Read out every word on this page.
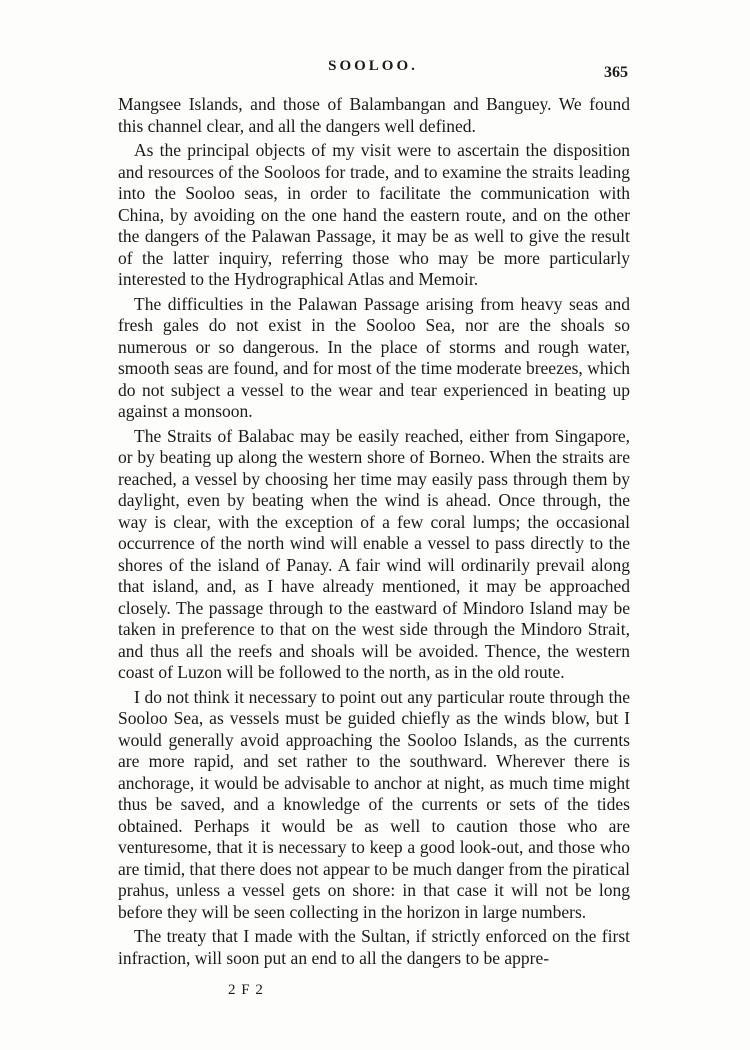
SOOLOO.	365

Mangsee Islands, and those of Balambangan and Banguey. We found this channel clear, and all the dangers well defined.

As the principal objects of my visit were to ascertain the disposition and resources of the Sooloos for trade, and to examine the straits leading into the Sooloo seas, in order to facilitate the communication with China, by avoiding on the one hand the eastern route, and on the other the dangers of the Palawan Passage, it may be as well to give the result of the latter inquiry, referring those who may be more particularly interested to the Hydrographical Atlas and Memoir.

The difficulties in the Palawan Passage arising from heavy seas and fresh gales do not exist in the Sooloo Sea, nor are the shoals so numerous or so dangerous. In the place of storms and rough water, smooth seas are found, and for most of the time moderate breezes, which do not subject a vessel to the wear and tear experienced in beating up against a monsoon.

The Straits of Balabac may be easily reached, either from Singapore, or by beating up along the western shore of Borneo. When the straits are reached, a vessel by choosing her time may easily pass through them by daylight, even by beating when the wind is ahead. Once through, the way is clear, with the exception of a few coral lumps; the occasional occurrence of the north wind will enable a vessel to pass directly to the shores of the island of Panay. A fair wind will ordinarily prevail along that island, and, as I have already mentioned, it may be approached closely. The passage through to the eastward of Mindoro Island may be taken in preference to that on the west side through the Mindoro Strait, and thus all the reefs and shoals will be avoided. Thence, the western coast of Luzon will be followed to the north, as in the old route.

I do not think it necessary to point out any particular route through the Sooloo Sea, as vessels must be guided chiefly as the winds blow, but I would generally avoid approaching the Sooloo Islands, as the currents are more rapid, and set rather to the southward. Wherever there is anchorage, it would be advisable to anchor at night, as much time might thus be saved, and a knowledge of the currents or sets of the tides obtained. Perhaps it would be as well to caution those who are venturesome, that it is necessary to keep a good look-out, and those who are timid, that there does not appear to be much danger from the piratical prahus, unless a vessel gets on shore: in that case it will not be long before they will be seen collecting in the horizon in large numbers.

The treaty that I made with the Sultan, if strictly enforced on the first infraction, will soon put an end to all the dangers to be appre-

2 F 2
